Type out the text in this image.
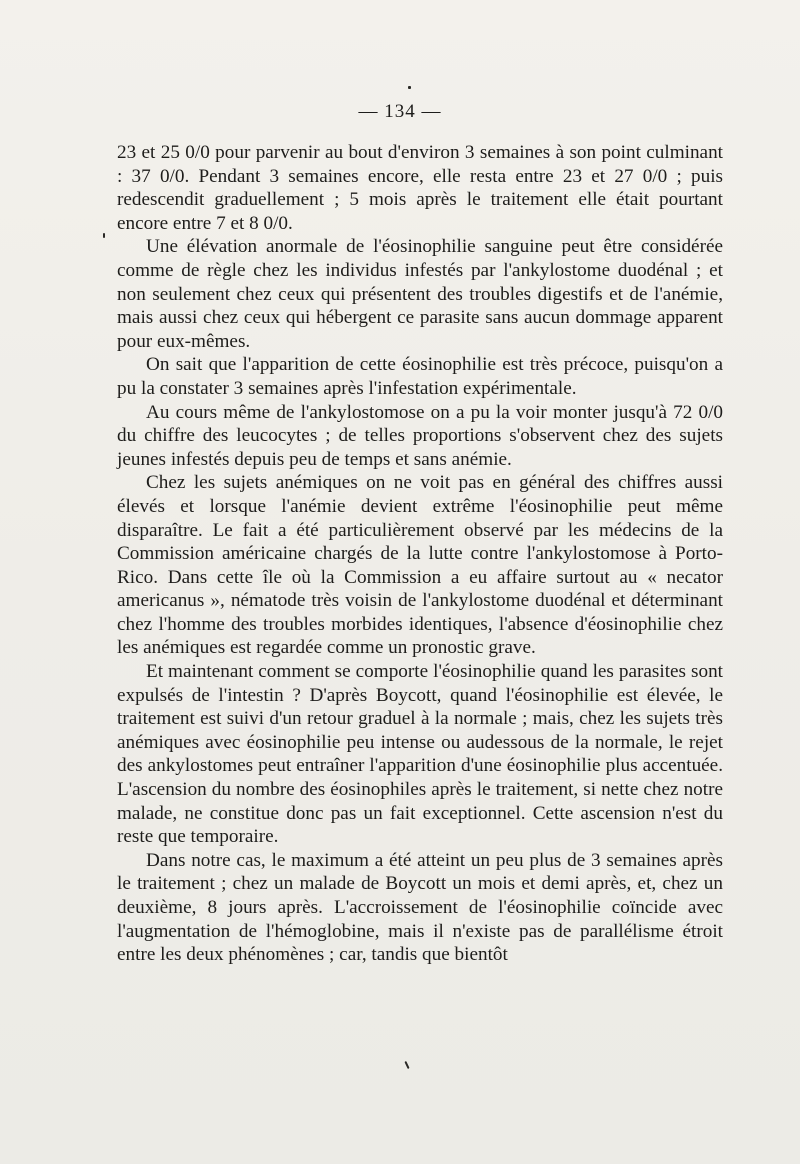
— 134 —

23 et 25 0/0 pour parvenir au bout d'environ 3 semaines à son point culminant : 37 0/0. Pendant 3 semaines encore, elle resta entre 23 et 27 0/0 ; puis redescendit graduellement ; 5 mois après le traitement elle était pourtant encore entre 7 et 8 0/0.

Une élévation anormale de l'éosinophilie sanguine peut être considérée comme de règle chez les individus infestés par l'ankylostome duodénal ; et non seulement chez ceux qui présentent des troubles digestifs et de l'anémie, mais aussi chez ceux qui hébergent ce parasite sans aucun dommage apparent pour eux-mêmes.

On sait que l'apparition de cette éosinophilie est très précoce, puisqu'on a pu la constater 3 semaines après l'infestation expérimentale.

Au cours même de l'ankylostomose on a pu la voir monter jusqu'à 72 0/0 du chiffre des leucocytes ; de telles proportions s'observent chez des sujets jeunes infestés depuis peu de temps et sans anémie.

Chez les sujets anémiques on ne voit pas en général des chiffres aussi élevés et lorsque l'anémie devient extrême l'éosinophilie peut même disparaître. Le fait a été particulièrement observé par les médecins de la Commission américaine chargés de la lutte contre l'ankylostomose à Porto-Rico. Dans cette île où la Commission a eu affaire surtout au « necator americanus », nématode très voisin de l'ankylostome duodénal et déterminant chez l'homme des troubles morbides identiques, l'absence d'éosinophilie chez les anémiques est regardée comme un pronostic grave.

Et maintenant comment se comporte l'éosinophilie quand les parasites sont expulsés de l'intestin ? D'après Boycott, quand l'éosinophilie est élevée, le traitement est suivi d'un retour graduel à la normale ; mais, chez les sujets très anémiques avec éosinophilie peu intense ou audessous de la normale, le rejet des ankylostomes peut entraîner l'apparition d'une éosinophilie plus accentuée. L'ascension du nombre des éosinophiles après le traitement, si nette chez notre malade, ne constitue donc pas un fait exceptionnel. Cette ascension n'est du reste que temporaire.

Dans notre cas, le maximum a été atteint un peu plus de 3 semaines après le traitement ; chez un malade de Boycott un mois et demi après, et, chez un deuxième, 8 jours après. L'accroissement de l'éosinophilie coïncide avec l'augmentation de l'hémoglobine, mais il n'existe pas de parallélisme étroit entre les deux phénomènes ; car, tandis que bientôt
